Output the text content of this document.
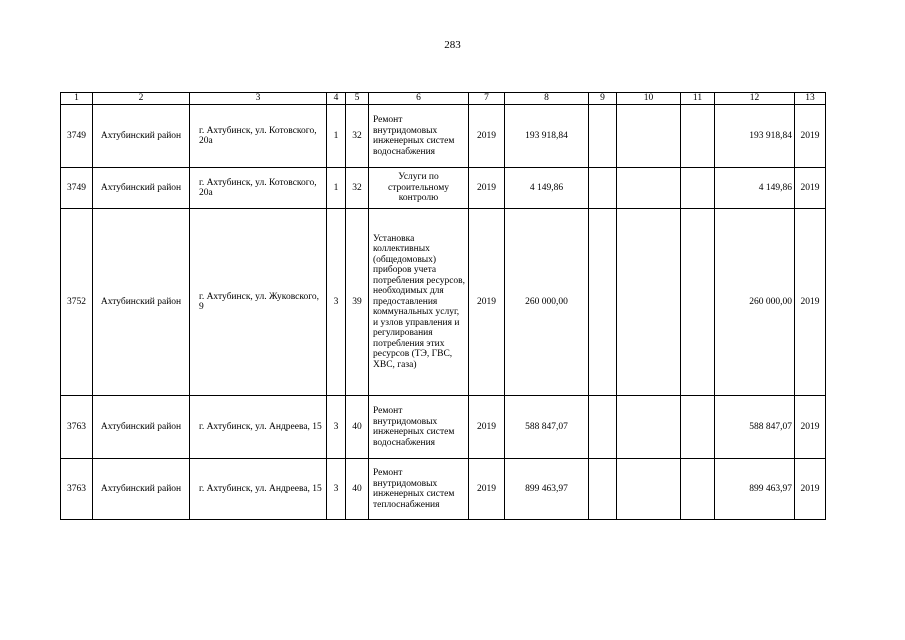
283
1	2	3	4	5	6	7	8	9	10	11	12	13
3749	Ахтубинский район	г. Ахтубинск, ул. Котовского, 20а	1	32	Ремонт внутридомовых инженерных систем водоснабжения	2019	193 918,84				193 918,84	2019
3749	Ахтубинский район	г. Ахтубинск, ул. Котовского, 20а	1	32	Услуги по строительному контролю	2019	4 149,86				4 149,86	2019
3752	Ахтубинский район	г. Ахтубинск, ул. Жуковского, 9	3	39	Установка коллективных (общедомовых) приборов учета потребления ресурсов, необходимых для предоставления коммунальных услуг, и узлов управления и регулирования потребления этих ресурсов (ТЭ, ГВС, ХВС, газа)	2019	260 000,00				260 000,00	2019
3763	Ахтубинский район	г. Ахтубинск, ул. Андреева, 15	3	40	Ремонт внутридомовых инженерных систем водоснабжения	2019	588 847,07				588 847,07	2019
3763	Ахтубинский район	г. Ахтубинск, ул. Андреева, 15	3	40	Ремонт внутридомовых инженерных систем теплоснабжения	2019	899 463,97				899 463,97	2019
